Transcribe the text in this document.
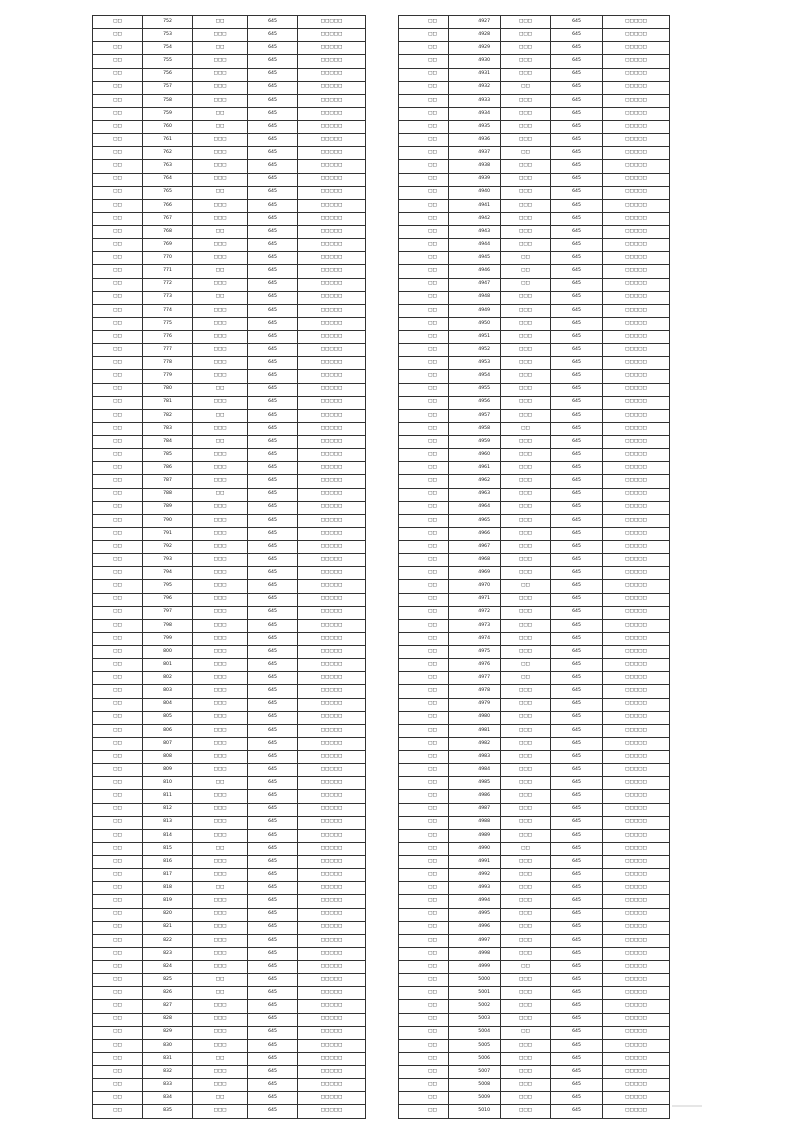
□□	752	□□	645	□□□□□
□□	753	□□□	645	□□□□□
□□	754	□□	645	□□□□□
□□	755	□□□	645	□□□□□
□□	756	□□□	645	□□□□□
□□	757	□□□	645	□□□□□
□□	758	□□□	645	□□□□□
□□	759	□□	645	□□□□□
□□	760	□□	645	□□□□□
□□	761	□□□	645	□□□□□
□□	762	□□□	645	□□□□□
□□	763	□□□	645	□□□□□
□□	764	□□□	645	□□□□□
□□	765	□□	645	□□□□□
□□	766	□□□	645	□□□□□
□□	767	□□□	645	□□□□□
□□	768	□□	645	□□□□□
□□	769	□□□	645	□□□□□
□□	770	□□□	645	□□□□□
□□	771	□□	645	□□□□□
□□	772	□□□	645	□□□□□
□□	773	□□	645	□□□□□
□□	774	□□□	645	□□□□□
□□	775	□□□	645	□□□□□
□□	776	□□□	645	□□□□□
□□	777	□□□	645	□□□□□
□□	778	□□□	645	□□□□□
□□	779	□□□	645	□□□□□
□□	780	□□	645	□□□□□
□□	781	□□□	645	□□□□□
□□	782	□□	645	□□□□□
□□	783	□□□	645	□□□□□
□□	784	□□	645	□□□□□
□□	785	□□□	645	□□□□□
□□	786	□□□	645	□□□□□
□□	787	□□□	645	□□□□□
□□	788	□□	645	□□□□□
□□	789	□□□	645	□□□□□
□□	790	□□□	645	□□□□□
□□	791	□□□	645	□□□□□
□□	792	□□□	645	□□□□□
□□	793	□□□	645	□□□□□
□□	794	□□□	645	□□□□□
□□	795	□□□	645	□□□□□
□□	796	□□□	645	□□□□□
□□	797	□□□	645	□□□□□
□□	798	□□□	645	□□□□□
□□	799	□□□	645	□□□□□
□□	800	□□□	645	□□□□□
□□	801	□□□	645	□□□□□
□□	802	□□□	645	□□□□□
□□	803	□□□	645	□□□□□
□□	804	□□□	645	□□□□□
□□	805	□□□	645	□□□□□
□□	806	□□□	645	□□□□□
□□	807	□□□	645	□□□□□
□□	808	□□□	645	□□□□□
□□	809	□□□	645	□□□□□
□□	810	□□	645	□□□□□
□□	811	□□□	645	□□□□□
□□	812	□□□	645	□□□□□
□□	813	□□□	645	□□□□□
□□	814	□□□	645	□□□□□
□□	815	□□	645	□□□□□
□□	816	□□□	645	□□□□□
□□	817	□□□	645	□□□□□
□□	818	□□	645	□□□□□
□□	819	□□□	645	□□□□□
□□	820	□□□	645	□□□□□
□□	821	□□□	645	□□□□□
□□	822	□□□	645	□□□□□
□□	823	□□□	645	□□□□□
□□	824	□□□	645	□□□□□
□□	825	□□	645	□□□□□
□□	826	□□	645	□□□□□
□□	827	□□□	645	□□□□□
□□	828	□□□	645	□□□□□
□□	829	□□□	645	□□□□□
□□	830	□□□	645	□□□□□
□□	831	□□	645	□□□□□
□□	832	□□□	645	□□□□□
□□	833	□□□	645	□□□□□
□□	834	□□	645	□□□□□
□□	835	□□□	645	□□□□□
□□	4927	□□□	645	□□□□□
□□	4928	□□□	645	□□□□□
□□	4929	□□□	645	□□□□□
□□	4930	□□□	645	□□□□□
□□	4931	□□□	645	□□□□□
□□	4932	□□	645	□□□□□
□□	4933	□□□	645	□□□□□
□□	4934	□□□	645	□□□□□
□□	4935	□□□	645	□□□□□
□□	4936	□□□	645	□□□□□
□□	4937	□□	645	□□□□□
□□	4938	□□□	645	□□□□□
□□	4939	□□□	645	□□□□□
□□	4940	□□□	645	□□□□□
□□	4941	□□□	645	□□□□□
□□	4942	□□□	645	□□□□□
□□	4943	□□□	645	□□□□□
□□	4944	□□□	645	□□□□□
□□	4945	□□	645	□□□□□
□□	4946	□□	645	□□□□□
□□	4947	□□	645	□□□□□
□□	4948	□□□	645	□□□□□
□□	4949	□□□	645	□□□□□
□□	4950	□□□	645	□□□□□
□□	4951	□□□	645	□□□□□
□□	4952	□□□	645	□□□□□
□□	4953	□□□	645	□□□□□
□□	4954	□□□	645	□□□□□
□□	4955	□□□	645	□□□□□
□□	4956	□□□	645	□□□□□
□□	4957	□□□	645	□□□□□
□□	4958	□□	645	□□□□□
□□	4959	□□□	645	□□□□□
□□	4960	□□□	645	□□□□□
□□	4961	□□□	645	□□□□□
□□	4962	□□□	645	□□□□□
□□	4963	□□□	645	□□□□□
□□	4964	□□□	645	□□□□□
□□	4965	□□□	645	□□□□□
□□	4966	□□□	645	□□□□□
□□	4967	□□□	645	□□□□□
□□	4968	□□□	645	□□□□□
□□	4969	□□□	645	□□□□□
□□	4970	□□	645	□□□□□
□□	4971	□□□	645	□□□□□
□□	4972	□□□	645	□□□□□
□□	4973	□□□	645	□□□□□
□□	4974	□□□	645	□□□□□
□□	4975	□□□	645	□□□□□
□□	4976	□□	645	□□□□□
□□	4977	□□	645	□□□□□
□□	4978	□□□	645	□□□□□
□□	4979	□□□	645	□□□□□
□□	4980	□□□	645	□□□□□
□□	4981	□□□	645	□□□□□
□□	4982	□□□	645	□□□□□
□□	4983	□□□	645	□□□□□
□□	4984	□□□	645	□□□□□
□□	4985	□□□	645	□□□□□
□□	4986	□□□	645	□□□□□
□□	4987	□□□	645	□□□□□
□□	4988	□□□	645	□□□□□
□□	4989	□□□	645	□□□□□
□□	4990	□□	645	□□□□□
□□	4991	□□□	645	□□□□□
□□	4992	□□□	645	□□□□□
□□	4993	□□□	645	□□□□□
□□	4994	□□□	645	□□□□□
□□	4995	□□□	645	□□□□□
□□	4996	□□□	645	□□□□□
□□	4997	□□□	645	□□□□□
□□	4998	□□□	645	□□□□□
□□	4999	□□	645	□□□□□
□□	5000	□□□	645	□□□□□
□□	5001	□□□	645	□□□□□
□□	5002	□□□	645	□□□□□
□□	5003	□□□	645	□□□□□
□□	5004	□□	645	□□□□□
□□	5005	□□□	645	□□□□□
□□	5006	□□□	645	□□□□□
□□	5007	□□□	645	□□□□□
□□	5008	□□□	645	□□□□□
□□	5009	□□□	645	□□□□□
□□	5010	□□□	645	□□□□□
